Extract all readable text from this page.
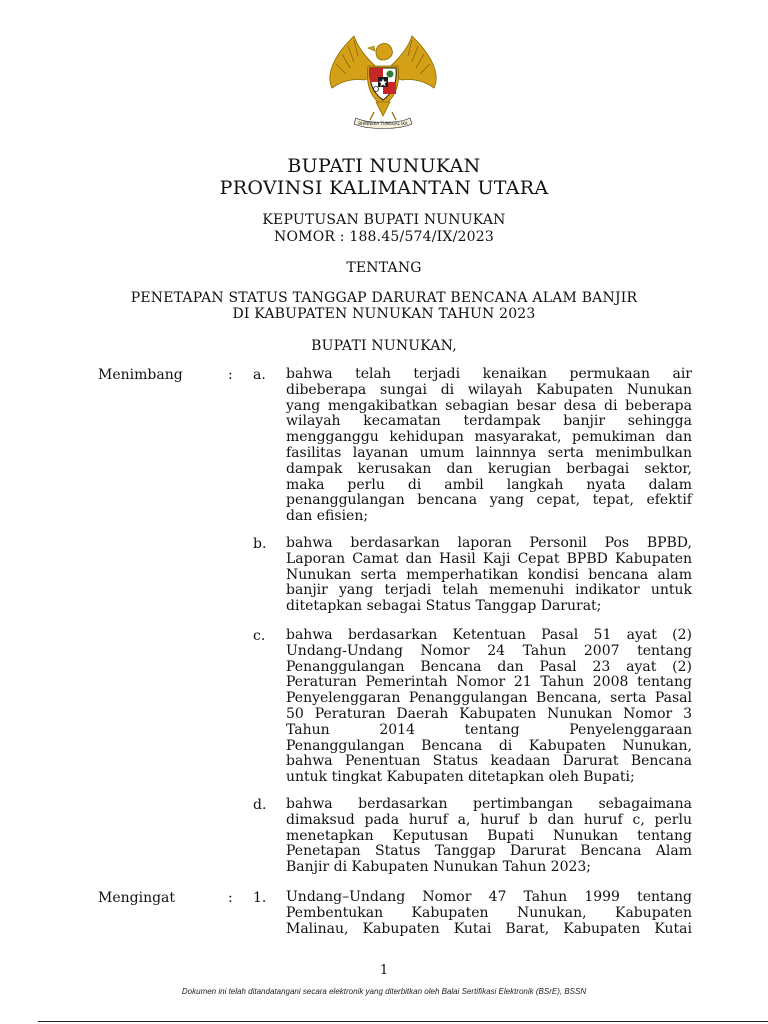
BHINNEKA TUNGGAL IKA
BUPATI NUNUKAN
PROVINSI KALIMANTAN UTARA
KEPUTUSAN BUPATI NUNUKAN
NOMOR : 188.45/574/IX/2023
TENTANG
PENETAPAN STATUS TANGGAP DARURAT BENCANA ALAM BANJIR
DI KABUPATEN NUNUKAN TAHUN 2023
BUPATI NUNUKAN,
Menimbang	: a. bahwa telah terjadi kenaikan permukaan air
dibeberapa sungai di wilayah Kabupaten Nunukan
yang mengakibatkan sebagian besar desa di beberapa
wilayah kecamatan terdampak banjir sehingga
mengganggu kehidupan masyarakat, pemukiman dan
fasilitas layanan umum lainnnya serta menimbulkan
dampak kerusakan dan kerugian berbagai sektor,
maka perlu di ambil langkah nyata dalam
penanggulangan bencana yang cepat, tepat, efektif
dan efisien;
b. bahwa berdasarkan laporan Personil Pos BPBD,
Laporan Camat dan Hasil Kaji Cepat BPBD Kabupaten
Nunukan serta memperhatikan kondisi bencana alam
banjir yang terjadi telah memenuhi indikator untuk
ditetapkan sebagai Status Tanggap Darurat;
c. bahwa berdasarkan Ketentuan Pasal 51 ayat (2)
Undang-Undang Nomor 24 Tahun 2007 tentang
Penanggulangan Bencana dan Pasal 23 ayat (2)
Peraturan Pemerintah Nomor 21 Tahun 2008 tentang
Penyelenggaran Penanggulangan Bencana, serta Pasal
50 Peraturan Daerah Kabupaten Nunukan Nomor 3
Tahun 2014 tentang Penyelenggaraan
Penanggulangan Bencana di Kabupaten Nunukan,
bahwa Penentuan Status keadaan Darurat Bencana
untuk tingkat Kabupaten ditetapkan oleh Bupati;
d. bahwa berdasarkan pertimbangan sebagaimana
dimaksud pada huruf a, huruf b dan huruf c, perlu
menetapkan Keputusan Bupati Nunukan tentang
Penetapan Status Tanggap Darurat Bencana Alam
Banjir di Kabupaten Nunukan Tahun 2023;
Mengingat	: 1. Undang–Undang Nomor 47 Tahun 1999 tentang
Pembentukan Kabupaten Nunukan, Kabupaten
Malinau, Kabupaten Kutai Barat, Kabupaten Kutai
1
Dokumen ini telah ditandatangani secara elektronik yang diterbitkan oleh Balai Sertifikasi Elektronik (BSrE), BSSN
